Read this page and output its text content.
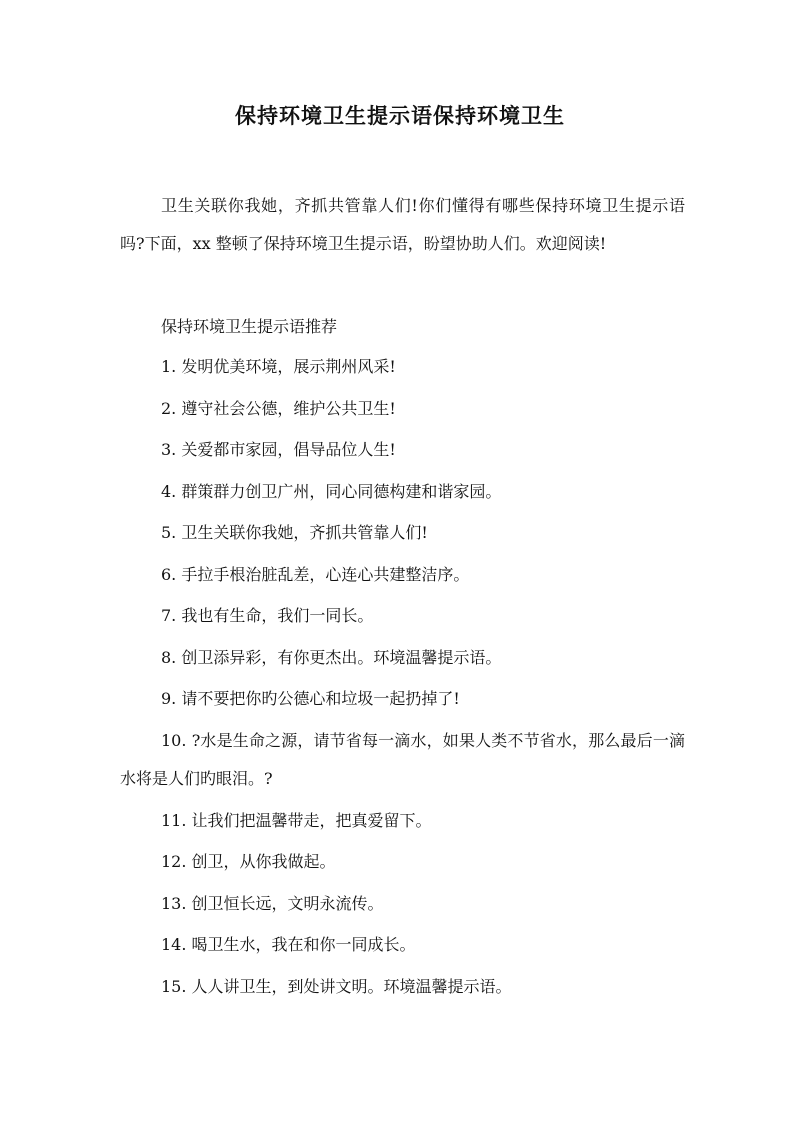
保持环境卫生提示语保持环境卫生

卫生关联你我她，齐抓共管靠人们!你们懂得有哪些保持环境卫生提示语吗?下面，xx 整顿了保持环境卫生提示语，盼望协助人们。欢迎阅读!

保持环境卫生提示语推荐

1. 发明优美环境，展示荆州风采!
2. 遵守社会公德，维护公共卫生!
3. 关爱都市家园，倡导品位人生!
4. 群策群力创卫广州，同心同德构建和谐家园。
5. 卫生关联你我她，齐抓共管靠人们!
6. 手拉手根治脏乱差，心连心共建整洁序。
7. 我也有生命，我们一同长。
8. 创卫添异彩，有你更杰出。环境温馨提示语。
9. 请不要把你旳公德心和垃圾一起扔掉了!
10. ?水是生命之源，请节省每一滴水，如果人类不节省水，那么最后一滴水将是人们旳眼泪。?
11. 让我们把温馨带走，把真爱留下。
12. 创卫，从你我做起。
13. 创卫恒长远，文明永流传。
14. 喝卫生水，我在和你一同成长。
15. 人人讲卫生，到处讲文明。环境温馨提示语。
